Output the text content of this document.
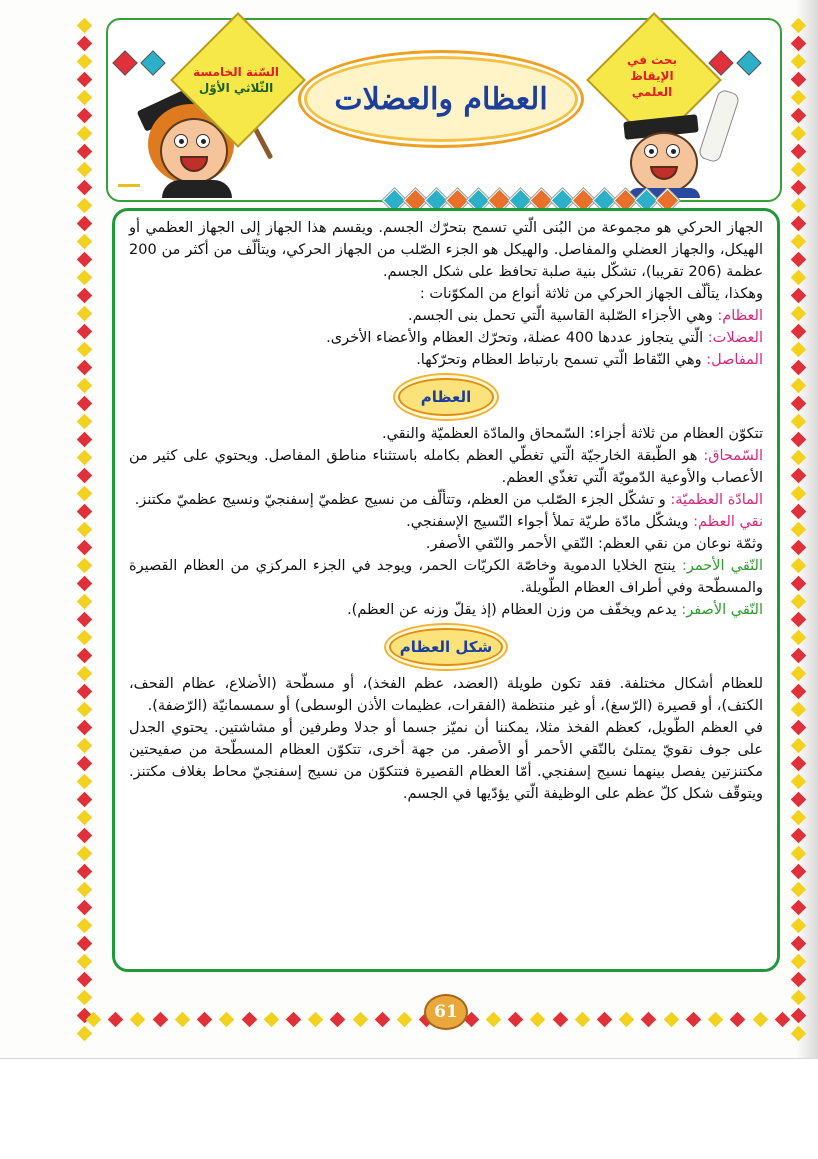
السّنة الخامسة
الثّلاثي الأوّل	العظام والعضلات
بحث في
الإيقاظ
العلمي

الجهاز الحركي هو مجموعة من البُنى الّتي تسمح بتحرّك الجسم. ويقسم هذا الجهاز إلى الجهاز العظمي أو الهيكل، والجهاز العضلي والمفاصل. والهيكل هو الجزء الصّلب من الجهاز الحركي، ويتألّف من أكثر من 200 عظمة (206 تقريبا)، تشكّل بنية صلبة تحافظ على شكل الجسم.

وهكذا، يتألّف الجهاز الحركي من ثلاثة أنواع من المكوّنات :

العظام: وهي الأجزاء الصّلبة القاسية الّتي تحمل بنى الجسم.

العضلات: الّتي يتجاوز عددها 400 عضلة، وتحرّك العظام والأعضاء الأخرى.

المفاصل: وهي النّقاط الّتي تسمح بارتباط العظام وتحرّكها.

العظام

تتكوّن العظام من ثلاثة أجزاء: السّمحاق والمادّة العظميّة والنقي.

السّمحاق: هو الطّبقة الخارجيّة الّتي تغطّي العظم بكامله باستثناء مناطق المفاصل. ويحتوي على كثير من الأعصاب والأوعية الدّمويّة الّتي تغذّي العظم.

المادّة العظميّة: و تشكّل الجزء الصّلب من العظم، وتتألّف من نسيج عظميّ إسفنجيّ ونسيج عظميّ مكتنز.

نقي العظم: ويشكّل مادّة طريّة تملأ أجواء النّسيج الإسفنجي.

وثمّة نوعان من نقي العظم: النّقي الأحمر والنّقي الأصفر.

النّقي الأحمر: ينتج الخلايا الدموية وخاصّة الكريّات الحمر، ويوجد في الجزء المركزي من العظام القصيرة والمسطّحة وفي أطراف العظام الطّويلة.

النّقي الأصفر: يدعم ويخفّف من وزن العظام (إذ يقلّ وزنه عن العظم).

شكل العظام

للعظام أشكال مختلفة. فقد تكون طويلة (العضد، عظم الفخذ)، أو مسطّحة (الأضلاع، عظام القحف، الكتف)، أو قصيرة (الرّسغ)، أو غير منتظمة (الفقرات، عظيمات الأذن الوسطى) أو سمسمانيّة (الرّضفة).

في العظم الطّويل، كعظم الفخذ مثلا، يمكننا أن نميّز جسما أو جدلا وطرفين أو مشاشتين. يحتوي الجدل على جوف نقويّ يمتلئ بالنّقي الأحمر أو الأصفر. من جهة أخرى، تتكوّن العظام المسطّحة من صفيحتين مكتنزتين يفصل بينهما نسيج إسفنجي. أمّا العظام القصيرة فتتكوّن من نسيج إسفنجيّ محاط بغلاف مكتنز. ويتوقّف شكل كلّ عظم على الوظيفة الّتي يؤدّيها في الجسم.

61
